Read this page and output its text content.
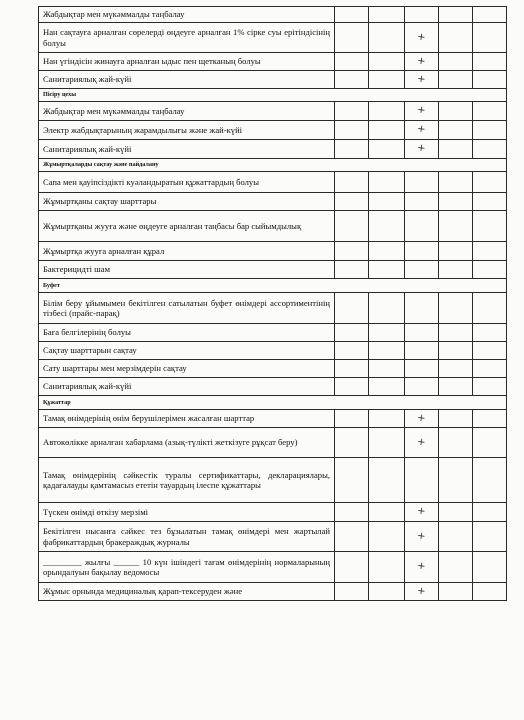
Жабдықтар мен мүкәммалды таңбалау					
Нан сақтауға арналған сөрелерді өңдеуге арналған 1% сірке суы ерітіндісінің болуы			+		
Нан үгіндісін жинауға арналған ыдыс пен щетканың болуы			+		
Санитариялық жай-күйі			+		
Пісіру цехы					
Жабдықтар мен мүкәммалды таңбалау			+		
Электр жабдықтарының жарамдылығы және жай-күйі			+		
Санитариялық жай-күйі			+		
Жұмыртқаларды сақтау және пайдалану					
Сапа мен қауіпсіздікті куәландыратын құжаттардың болуы					
Жұмыртқаны сақтау шарттары					
Жұмыртқаны жууға және өңдеуге арналған таңбасы бар сыйымдылық					
Жұмыртқа жууға арналған құрал					
Бактерицидті шам					
Буфет					
Білім беру ұйымымен бекітілген сатылатын буфет өнімдері ассортиментінің тізбесі (прайс-парақ)					
Баға белгілерінің болуы					
Сақтау шарттарын сақтау					
Сату шарттары мен мерзімдерін сақтау					
Санитариялық жай-күйі					
Құжаттар					
Тамақ өнімдерінің өнім берушілерімен жасалған шарттар			+		
Автокөлікке арналған хабарлама (азық-түлікті жеткізуге рұқсат беру)			+		
Тамақ өнімдерінің сәйкестік туралы сертификаттары, декларациялары, қадағалауды қамтамасыз ететін тауардың ілеспе құжаттары					
Түскен өнімді өткізу мерзімі			+		
Бекітілген нысанға сәйкес тез бұзылатын тамақ өнімдері мен жартылай фабрикаттардың бракераждық журналы			+		
_________ жылғы ______ 10 күн ішіндегі тағам өнімдерінің нормаларының орындалуын бақылау ведомосы			+		
Жұмыс орнында медициналық қарап-тексеруден және			+		
